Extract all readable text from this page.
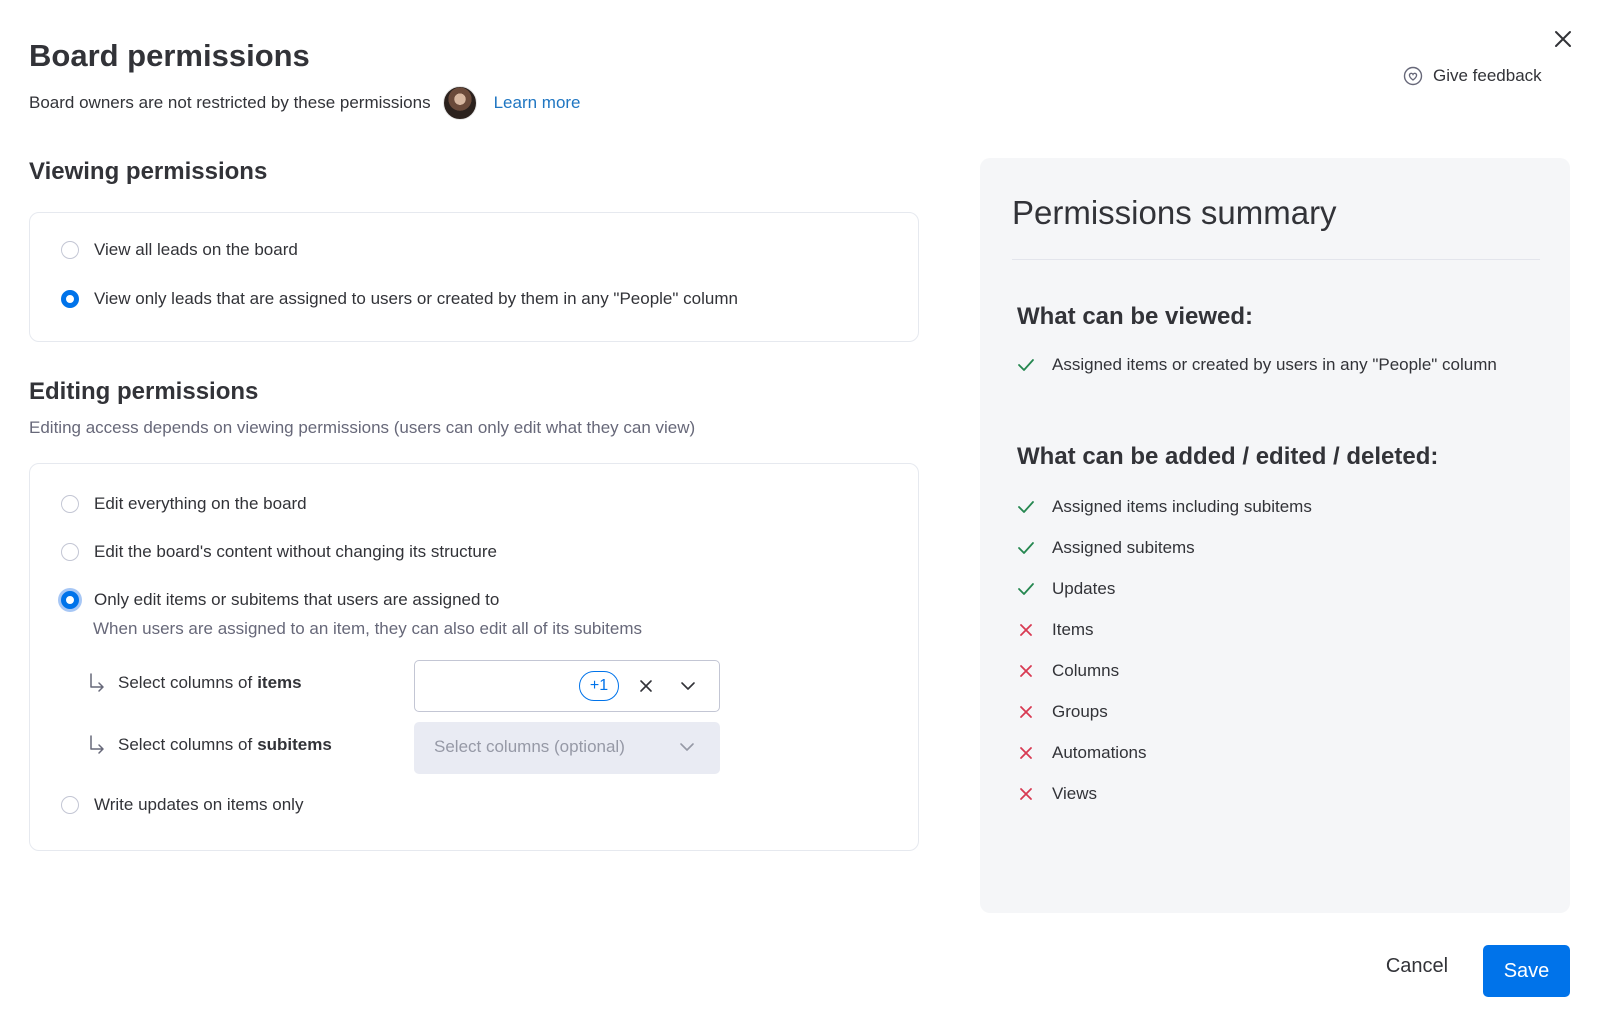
Board permissions
Board owners are not restricted by these permissions	Learn more
Give feedback
Viewing permissions
View all leads on the board
View only leads that are assigned to users or created by them in any "People" column
Editing permissions
Editing access depends on viewing permissions (users can only edit what they can view)
Edit everything on the board
Edit the board's content without changing its structure
Only edit items or subitems that users are assigned to
When users are assigned to an item, they can also edit all of its subitems
Select columns of items	+1
Select columns of subitems	Select columns (optional)
Write updates on items only
Permissions summary
What can be viewed:
Assigned items or created by users in any "People" column
What can be added / edited / deleted:
Assigned items including subitems
Assigned subitems
Updates
Items
Columns
Groups
Automations
Views
Cancel	Save
